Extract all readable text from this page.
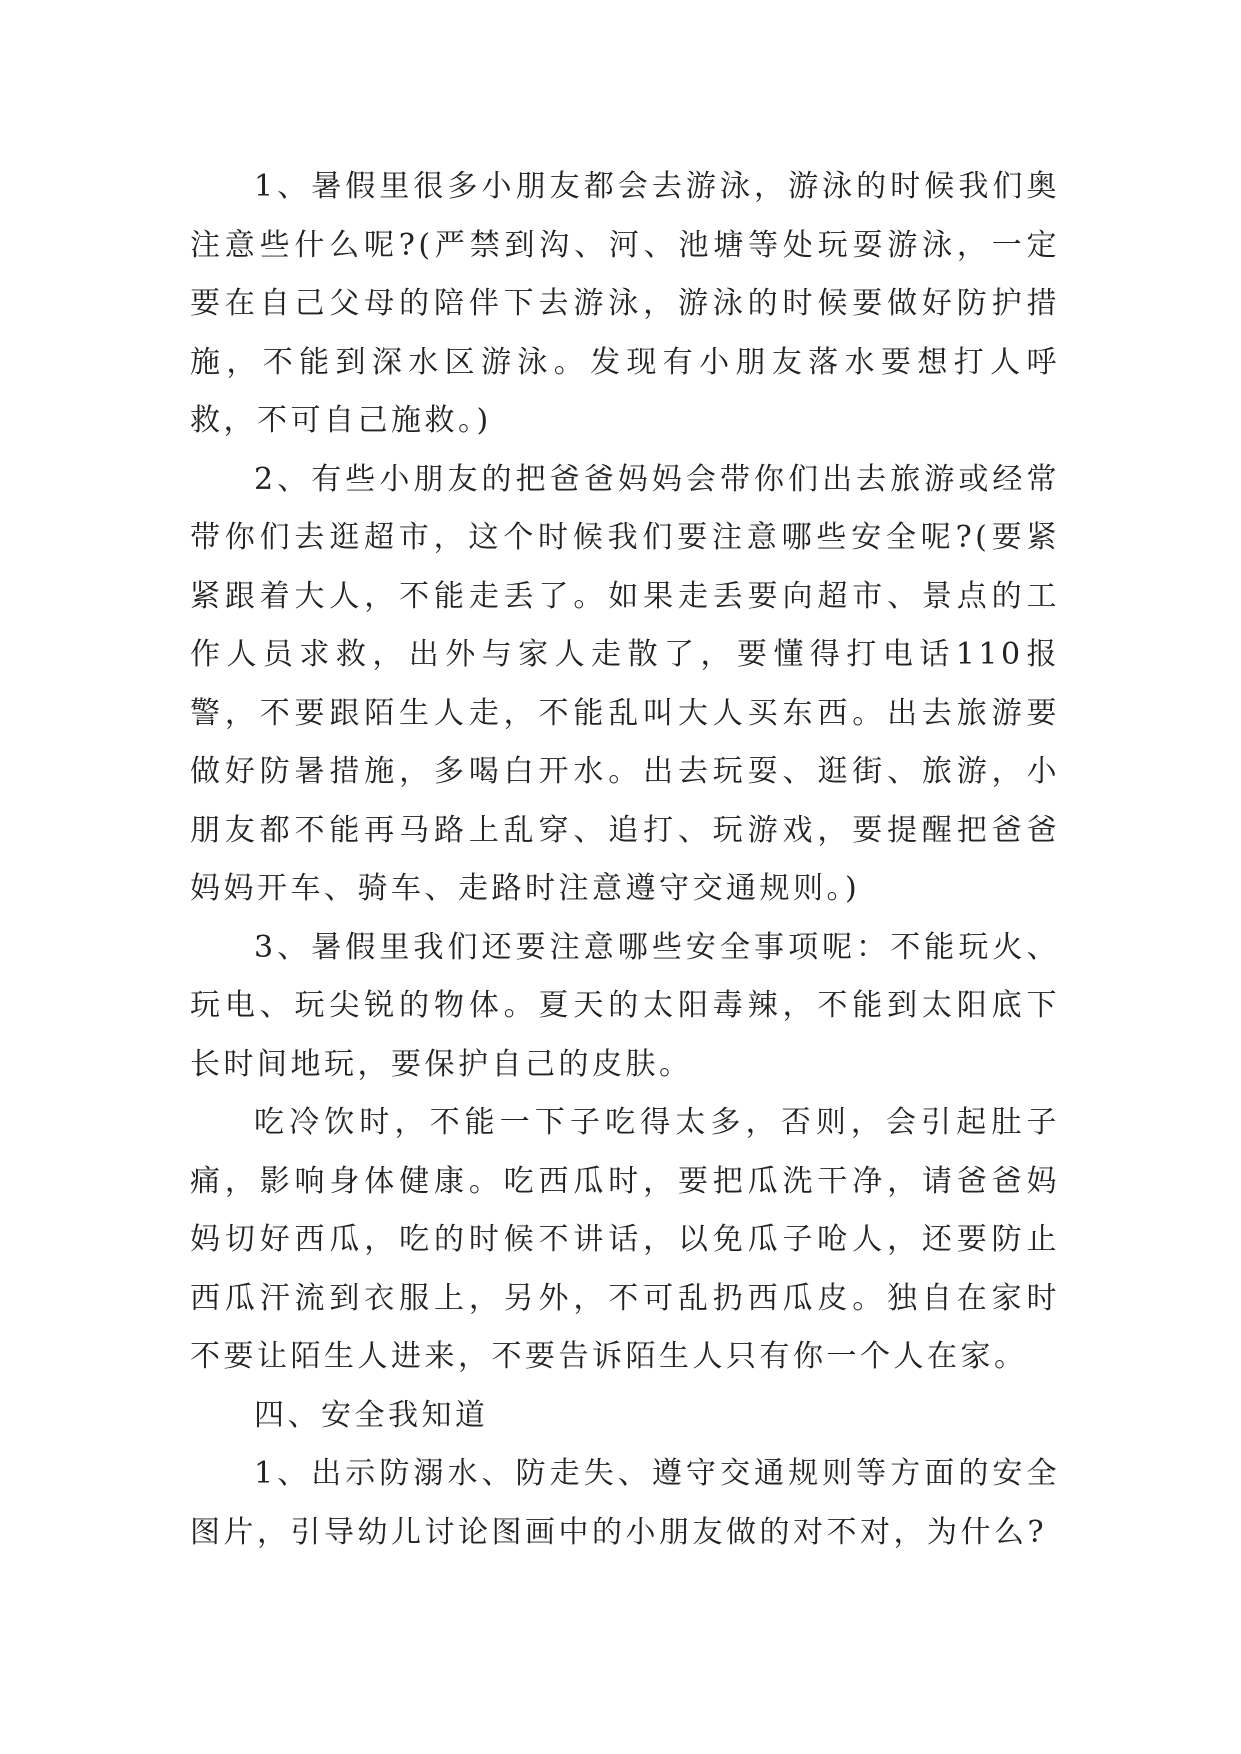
1、暑假里很多小朋友都会去游泳，游泳的时候我们奥注意些什么呢?(严禁到沟、河、池塘等处玩耍游泳，一定要在自己父母的陪伴下去游泳，游泳的时候要做好防护措施，不能到深水区游泳。发现有小朋友落水要想打人呼救，不可自己施救。)

2、有些小朋友的把爸爸妈妈会带你们出去旅游或经常带你们去逛超市，这个时候我们要注意哪些安全呢?(要紧紧跟着大人，不能走丢了。如果走丢要向超市、景点的工作人员求救，出外与家人走散了，要懂得打电话110报警，不要跟陌生人走，不能乱叫大人买东西。出去旅游要做好防暑措施，多喝白开水。出去玩耍、逛街、旅游，小朋友都不能再马路上乱穿、追打、玩游戏，要提醒把爸爸妈妈开车、骑车、走路时注意遵守交通规则。)

3、暑假里我们还要注意哪些安全事项呢：不能玩火、玩电、玩尖锐的物体。夏天的太阳毒辣，不能到太阳底下长时间地玩，要保护自己的皮肤。

吃冷饮时，不能一下子吃得太多，否则，会引起肚子痛，影响身体健康。吃西瓜时，要把瓜洗干净，请爸爸妈妈切好西瓜，吃的时候不讲话，以免瓜子呛人，还要防止西瓜汗流到衣服上，另外，不可乱扔西瓜皮。独自在家时不要让陌生人进来，不要告诉陌生人只有你一个人在家。

四、安全我知道

1、出示防溺水、防走失、遵守交通规则等方面的安全图片，引导幼儿讨论图画中的小朋友做的对不对，为什么?
